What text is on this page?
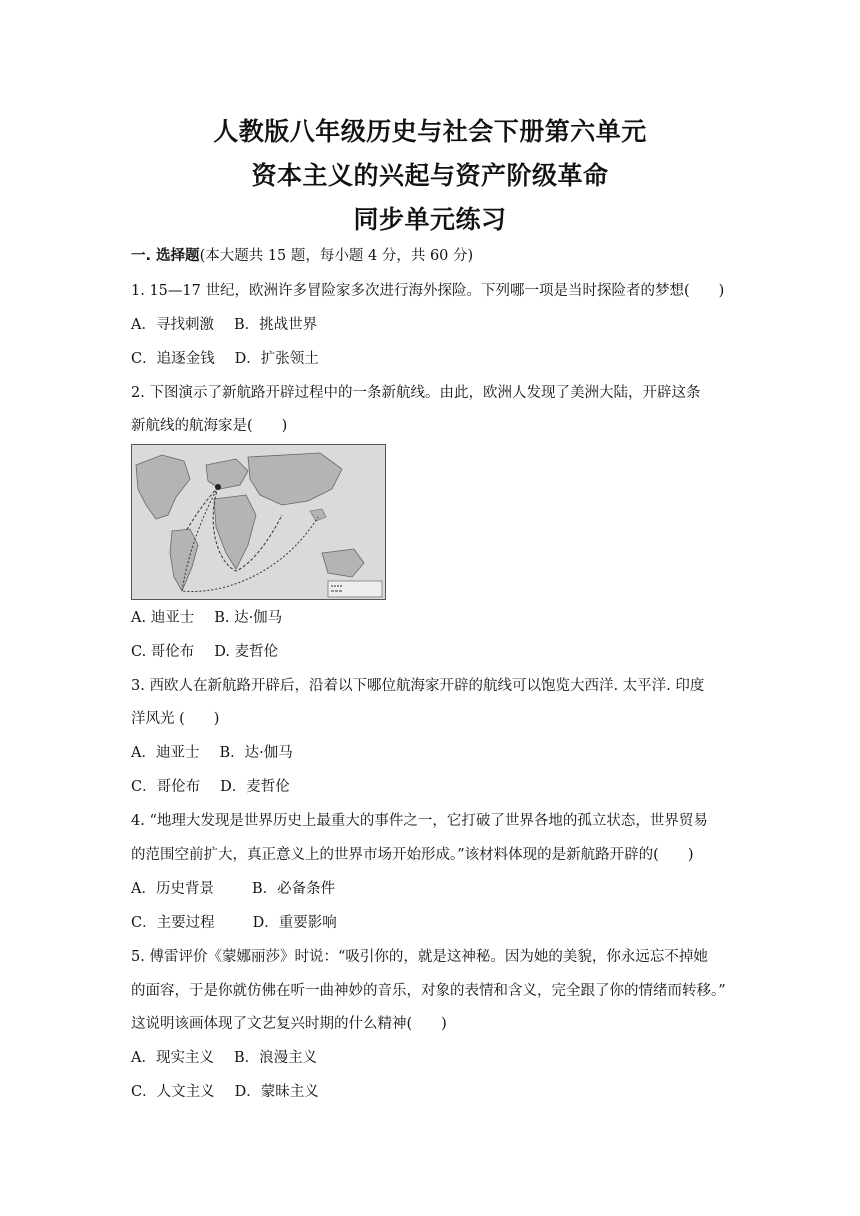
人教版八年级历史与社会下册第六单元
资本主义的兴起与资产阶级革命
同步单元练习
一. 选择题(本大题共 15 题，每小题 4 分，共 60 分)
1. 15—17 世纪，欧洲许多冒险家多次进行海外探险。下列哪一项是当时探险者的梦想(　　)
A．寻找刺激 B．挑战世界
C．追逐金钱 D．扩张领土
2. 下图演示了新航路开辟过程中的一条新航线。由此，欧洲人发现了美洲大陆，开辟这条
新航线的航海家是(　　)
A. 迪亚士 B. 达·伽马
C. 哥伦布 D. 麦哲伦
3. 西欧人在新航路开辟后，沿着以下哪位航海家开辟的航线可以饱览大西洋. 太平洋. 印度
洋风光 (　　)
A．迪亚士 B．达·伽马
C．哥伦布 D．麦哲伦
4. “地理大发现是世界历史上最重大的事件之一，它打破了世界各地的孤立状态，世界贸易
的范围空前扩大，真正意义上的世界市场开始形成。”该材料体现的是新航路开辟的(　　)
A．历史背景	B．必备条件
C．主要过程	D．重要影响
5. 傅雷评价《蒙娜丽莎》时说：“吸引你的，就是这神秘。因为她的美貌，你永远忘不掉她
的面容，于是你就仿佛在听一曲神妙的音乐，对象的表情和含义，完全跟了你的情绪而转移。”
这说明该画体现了文艺复兴时期的什么精神(　　)
A．现实主义 B．浪漫主义
C．人文主义 D．蒙昧主义
